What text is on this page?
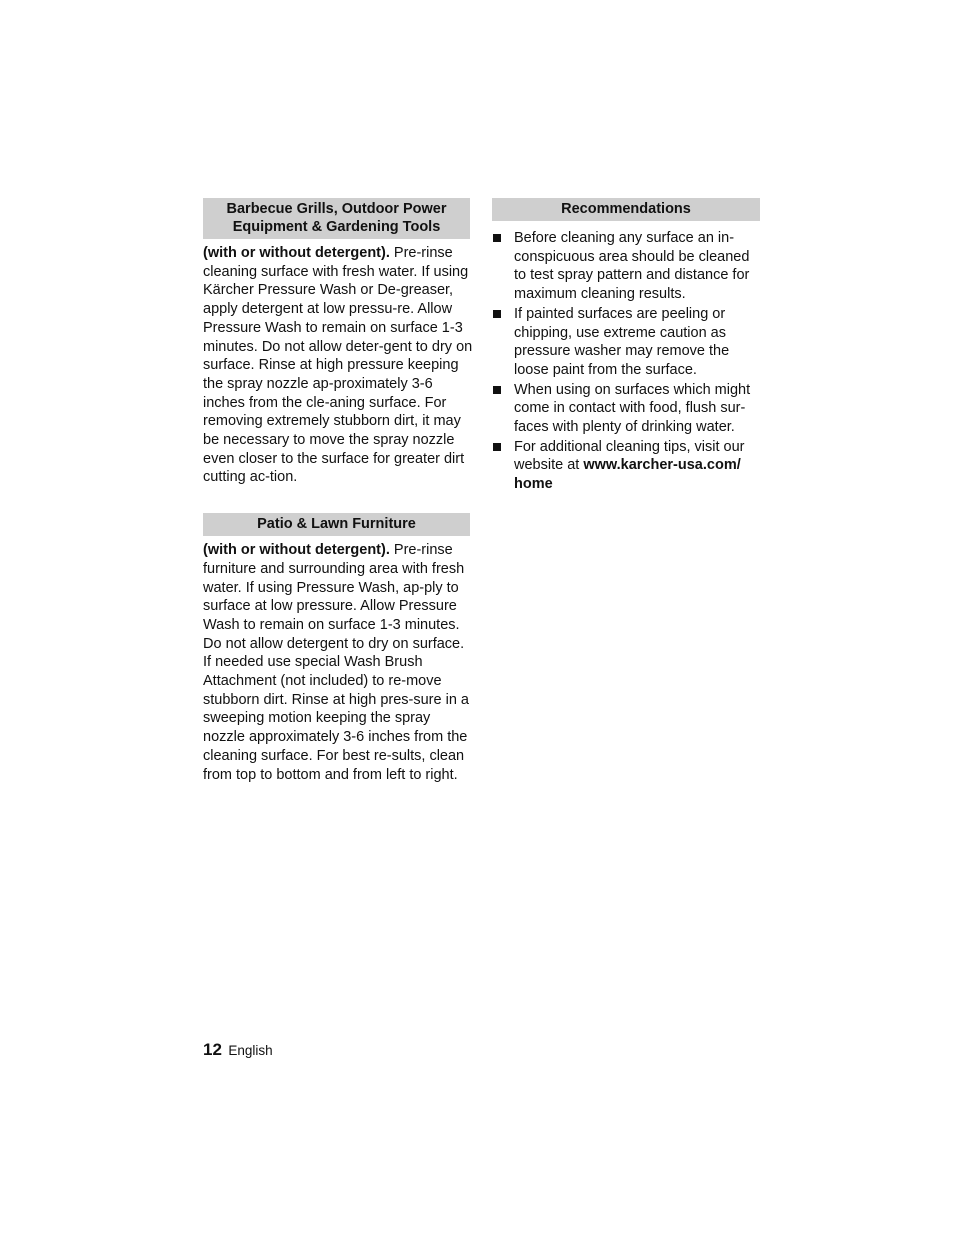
Barbecue Grills, Outdoor Power
Equipment & Gardening Tools
(with or without detergent). Pre-rinse cleaning surface with fresh water. If using Kärcher Pressure Wash or De-greaser, apply detergent at low pressu-re. Allow Pressure Wash to remain on surface 1-3 minutes. Do not allow deter-gent to dry on surface. Rinse at high pressure keeping the spray nozzle ap-proximately 3-6 inches from the cle-aning surface. For removing extremely stubborn dirt, it may be necessary to move the spray nozzle even closer to the surface for greater dirt cutting ac-tion.
Patio & Lawn Furniture
(with or without detergent). Pre-rinse furniture and surrounding area with fresh water. If using Pressure Wash, ap-ply to surface at low pressure. Allow Pressure Wash to remain on surface 1-3 minutes. Do not allow detergent to dry on surface. If needed use special Wash Brush Attachment (not included) to re-move stubborn dirt. Rinse at high pres-sure in a sweeping motion keeping the spray nozzle approximately 3-6 inches from the cleaning surface. For best re-sults, clean from top to bottom and from left to right.
Recommendations
Before cleaning any surface an in-conspicuous area should be cleaned to test spray pattern and distance for maximum cleaning results.
If painted surfaces are peeling or chipping, use extreme caution as pressure washer may remove the loose paint from the surface.
When using on surfaces which might come in contact with food, flush sur-faces with plenty of drinking water.
For additional cleaning tips, visit our website at www.karcher-usa.com/ home
12 English
